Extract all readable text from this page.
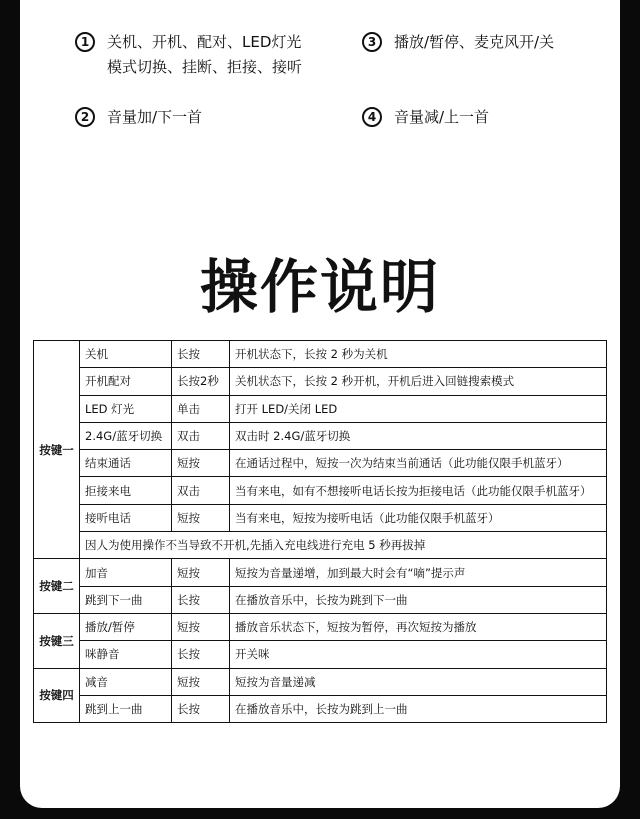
1	关机、开机、配对、LED灯光
模式切换、挂断、拒接、接听
3	播放/暂停、麦克风开/关
2	音量加/下一首	4	音量减/上一首
操作说明
按键一	关机	长按	开机状态下，长按 2 秒为关机
	开机配对	长按2秒	关机状态下，长按 2 秒开机，开机后进入回链搜索模式
	LED 灯光	单击	打开 LED/关闭 LED
	2.4G/蓝牙切换	双击	双击时 2.4G/蓝牙切换
	结束通话	短按	在通话过程中，短按一次为结束当前通话（此功能仅限手机蓝牙）
	拒接来电	双击	当有来电，如有不想接听电话长按为拒接电话（此功能仅限手机蓝牙）
	接听电话	短按	当有来电，短按为接听电话（此功能仅限手机蓝牙）
	因人为使用操作不当导致不开机,先插入充电线进行充电 5 秒再拔掉		
按键二	加音	短按	短按为音量递增，加到最大时会有“嘀”提示声
	跳到下一曲	长按	在播放音乐中，长按为跳到下一曲
按键三	播放/暂停	短按	播放音乐状态下，短按为暂停，再次短按为播放
	咪静音	长按	开关咪
按键四	减音	短按	短按为音量递减
	跳到上一曲	长按	在播放音乐中，长按为跳到上一曲
